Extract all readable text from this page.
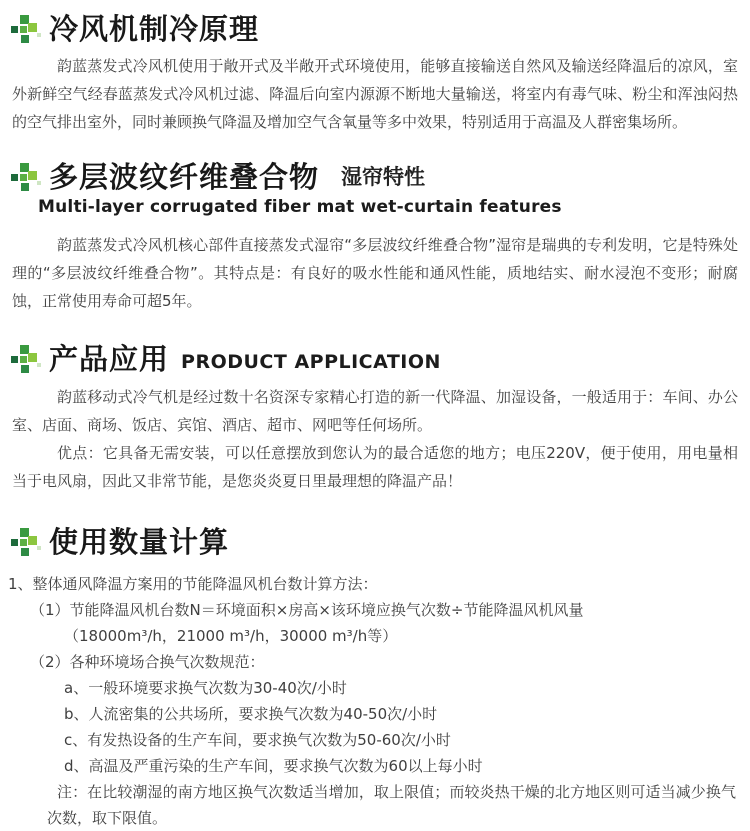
冷风机制冷原理

韵蓝蒸发式冷风机使用于敞开式及半敞开式环境使用，能够直接输送自然风及输送经降温后的凉风，室外新鲜空气经春蓝蒸发式冷风机过滤、降温后向室内源源不断地大量输送，将室内有毒气味、粉尘和浑浊闷热的空气排出室外，同时兼顾换气降温及增加空气含氧量等多中效果，特别适用于高温及人群密集场所。

多层波纹纤维叠合物 湿帘特性
Multi-layer corrugated fiber mat wet-curtain features

韵蓝蒸发式冷风机核心部件直接蒸发式湿帘“多层波纹纤维叠合物”湿帘是瑞典的专利发明，它是特殊处理的“多层波纹纤维叠合物”。其特点是：有良好的吸水性能和通风性能，质地结实、耐水浸泡不变形；耐腐蚀，正常使用寿命可超5年。

产品应用 PRODUCT APPLICATION

韵蓝移动式冷气机是经过数十名资深专家精心打造的新一代降温、加湿设备，一般适用于：车间、办公室、店面、商场、饭店、宾馆、酒店、超市、网吧等任何场所。

优点：它具备无需安装，可以任意摆放到您认为的最合适您的地方；电压220V，便于使用，用电量相当于电风扇，因此又非常节能，是您炎炎夏日里最理想的降温产品！

使用数量计算

1、整体通风降温方案用的节能降温风机台数计算方法：

（1）节能降温风机台数N＝环境面积×房高×该环境应换气次数÷节能降温风机风量

（18000m³/h，21000 m³/h，30000 m³/h等）

（2）各种环境场合换气次数规范：

a、一般环境要求换气次数为30-40次/小时

b、人流密集的公共场所，要求换气次数为40-50次/小时

c、有发热设备的生产车间，要求换气次数为50-60次/小时

d、高温及严重污染的生产车间，要求换气次数为60以上每小时

注：在比较潮湿的南方地区换气次数适当增加，取上限值；而较炎热干燥的北方地区则可适当减少换气次数，取下限值。
